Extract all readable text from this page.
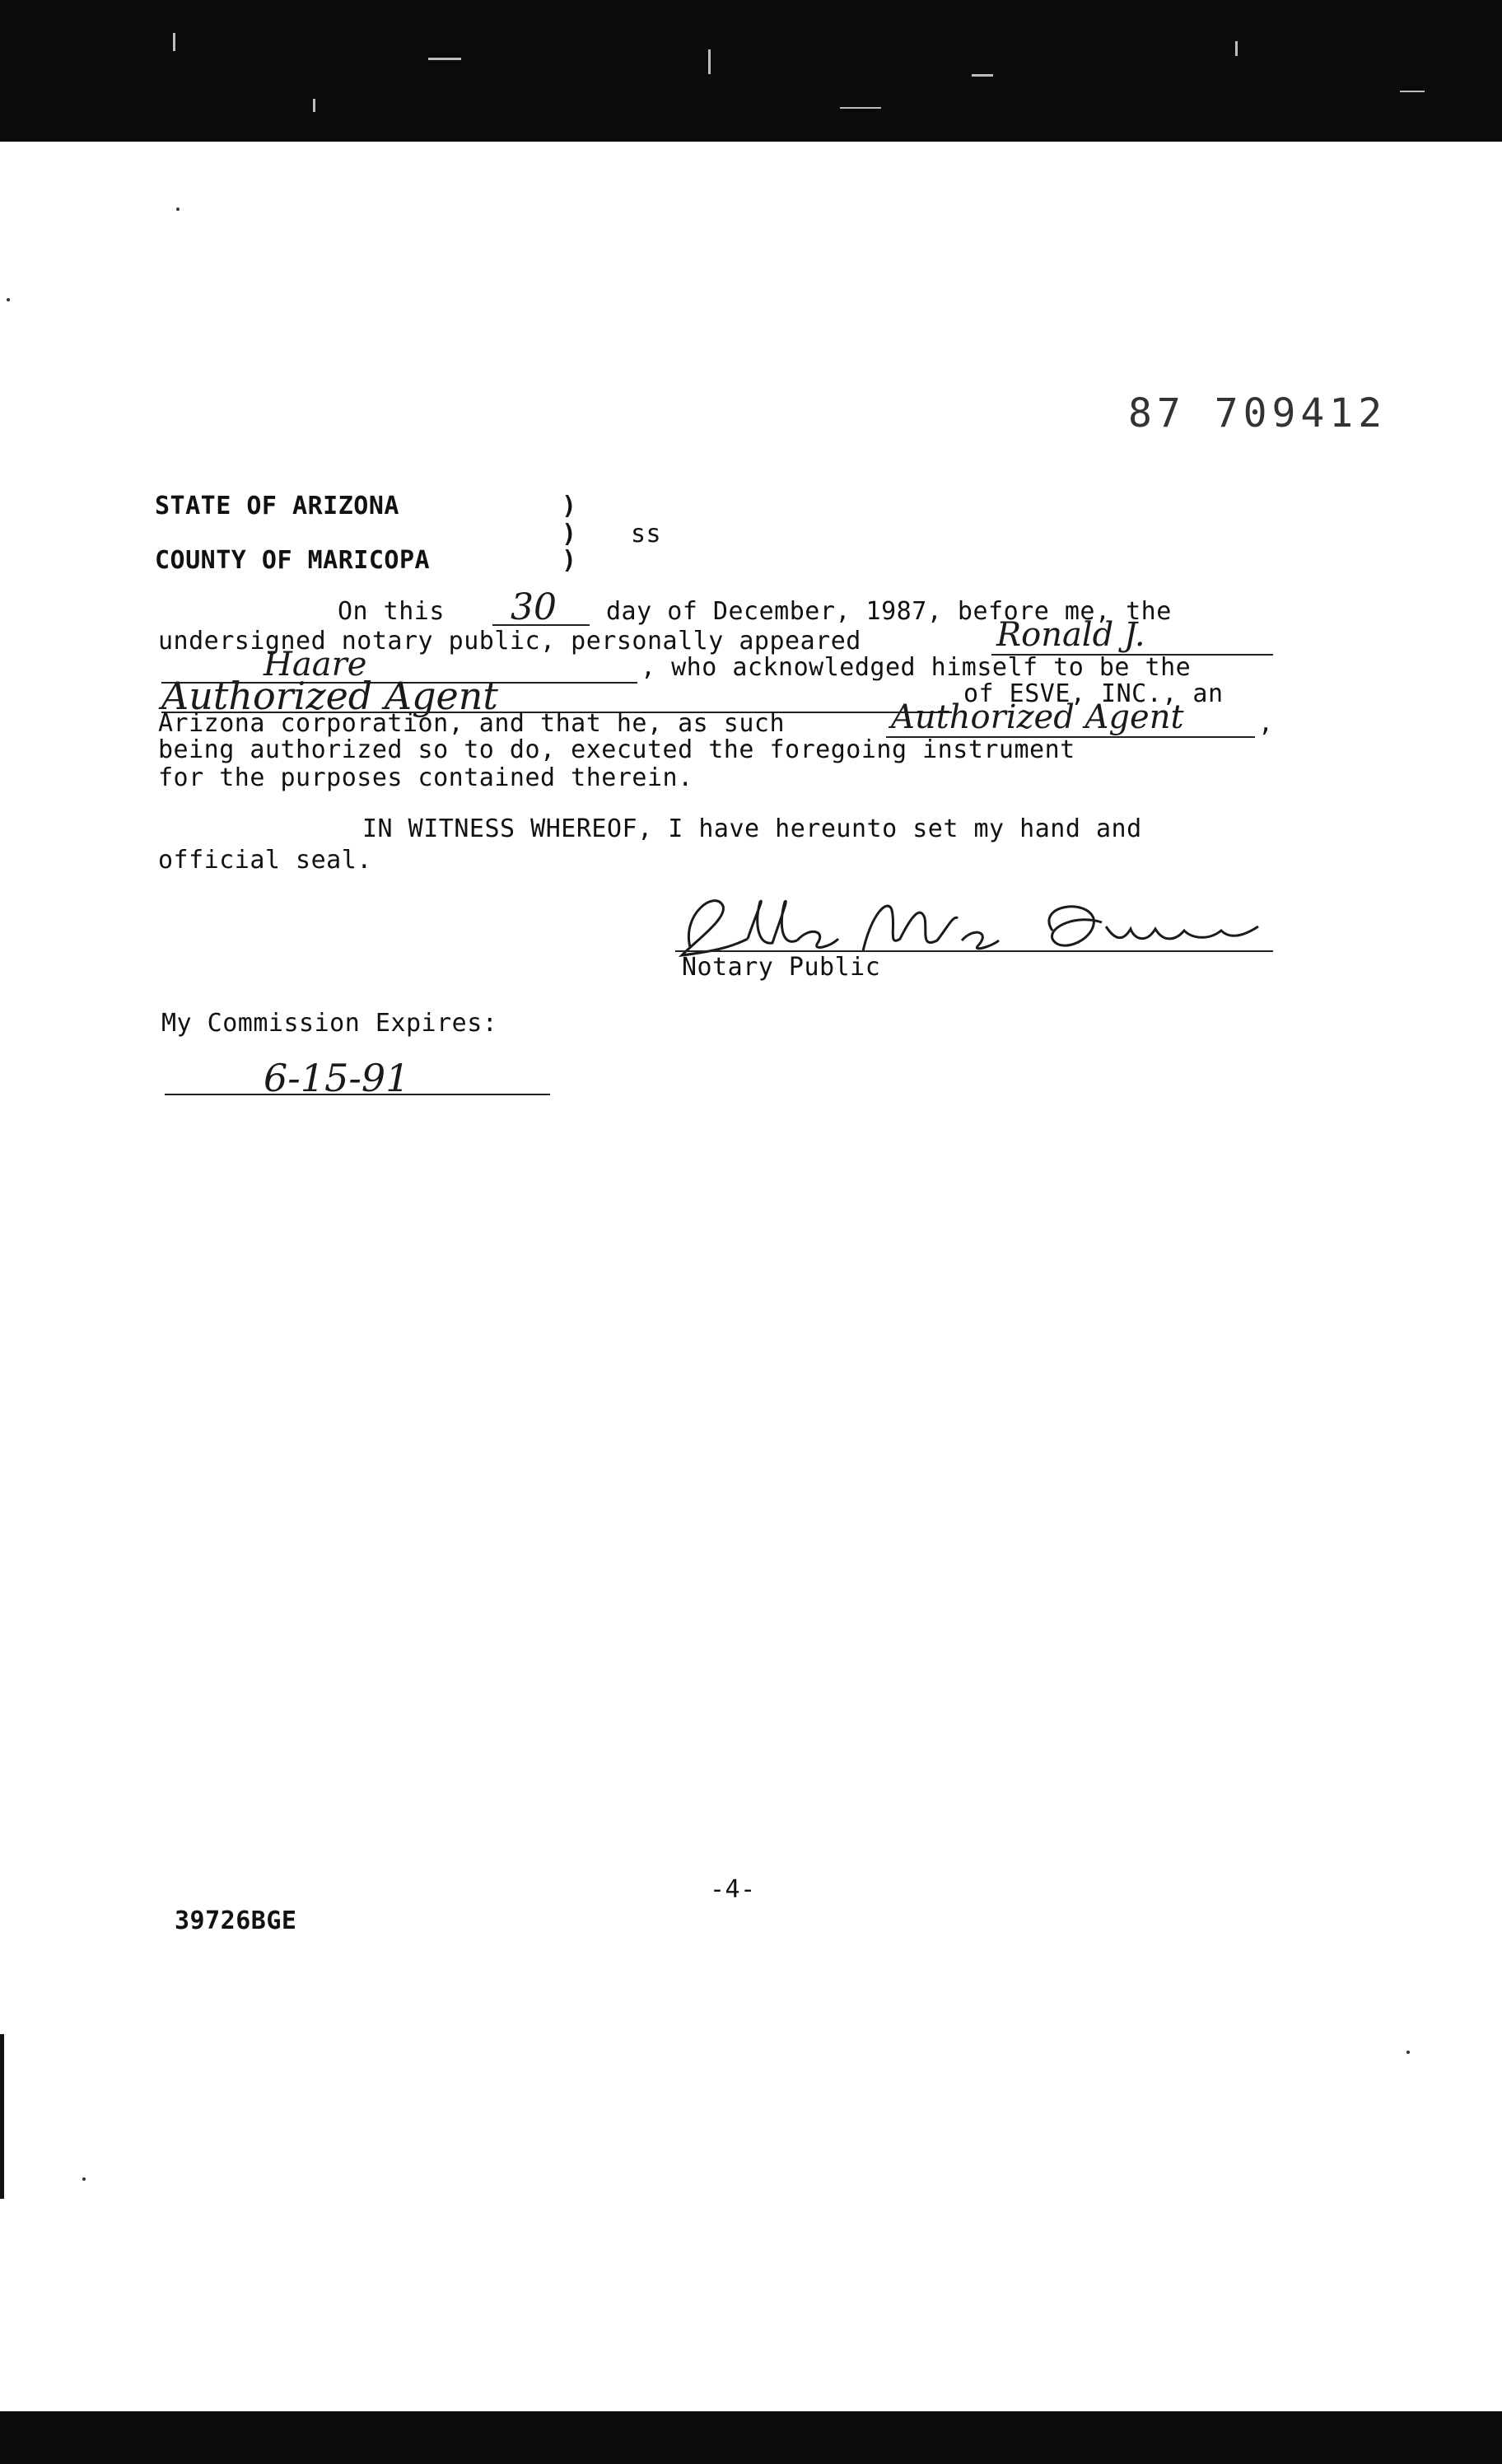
87 709412
STATE OF ARIZONA	)
) ss
COUNTY OF MARICOPA	)
On this 30 day of December, 1987, before me, the
undersigned notary public, personally appeared	Ronald J.
Haare	, who acknowledged himself to be the
Authorized Agent	of ESVE, INC., an
Arizona corporation, and that he, as such	Authorized Agent	,
being authorized so to do, executed the foregoing instrument
for the purposes contained therein.
IN WITNESS WHEREOF, I have hereunto set my hand and
official seal.
Notary Public
My Commission Expires:
6-15-91
-4-
39726BGE
